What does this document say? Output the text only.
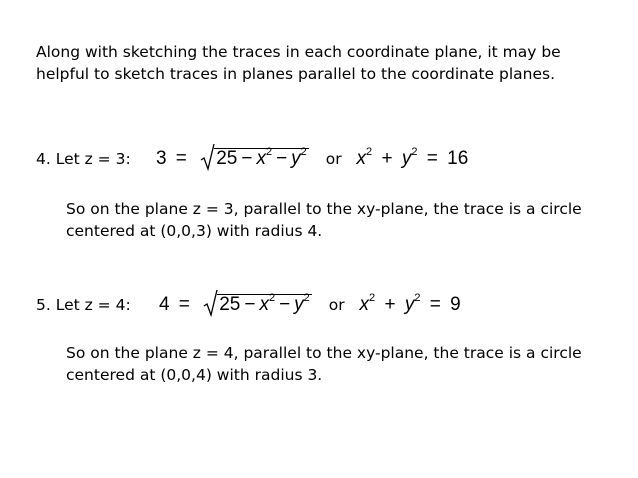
Along with sketching the traces in each coordinate plane, it may be helpful to sketch traces in planes parallel to the coordinate planes.

4. Let z = 3: $3 = 25 - x^2 - y^2$ or $x^2 + y^2 = 16$

So on the plane z = 3, parallel to the xy-plane, the trace is a circle centered at (0,0,3) with radius 4.

5. Let z = 4: $4 = 25 - x^2 - y^2$ or $x^2 + y^2 = 9$

So on the plane z = 4, parallel to the xy-plane, the trace is a circle centered at (0,0,4) with radius 3.
